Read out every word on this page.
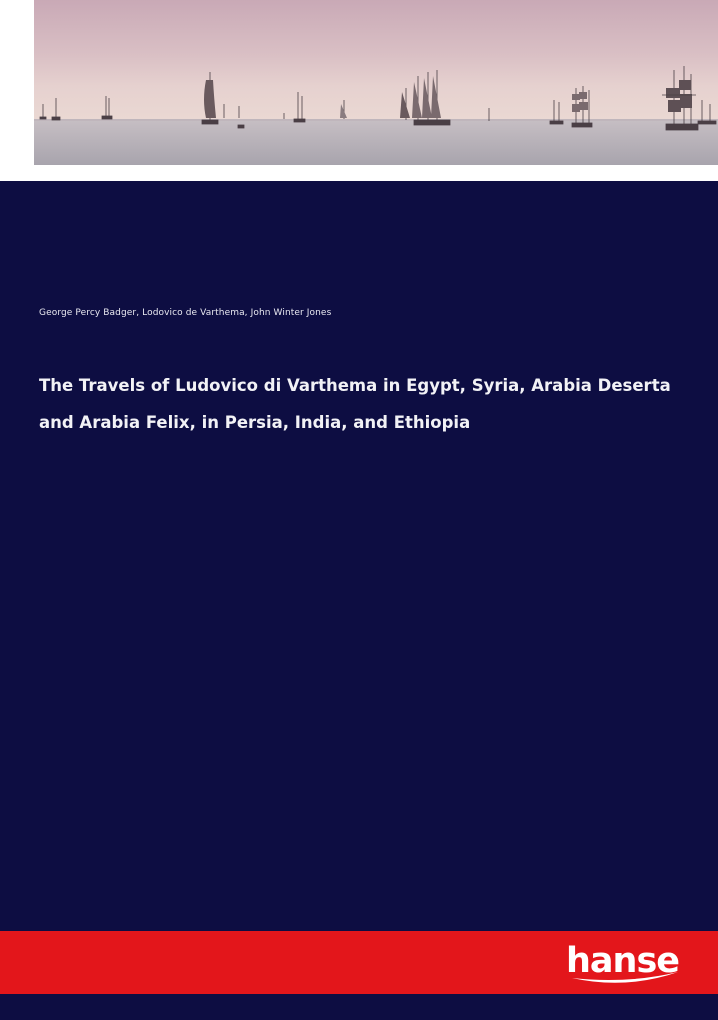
George Percy Badger, Lodovico de Varthema, John Winter Jones
The Travels of Ludovico di Varthema in Egypt, Syria, Arabia Deserta and Arabia Felix, in Persia, India, and Ethiopia
hanse
